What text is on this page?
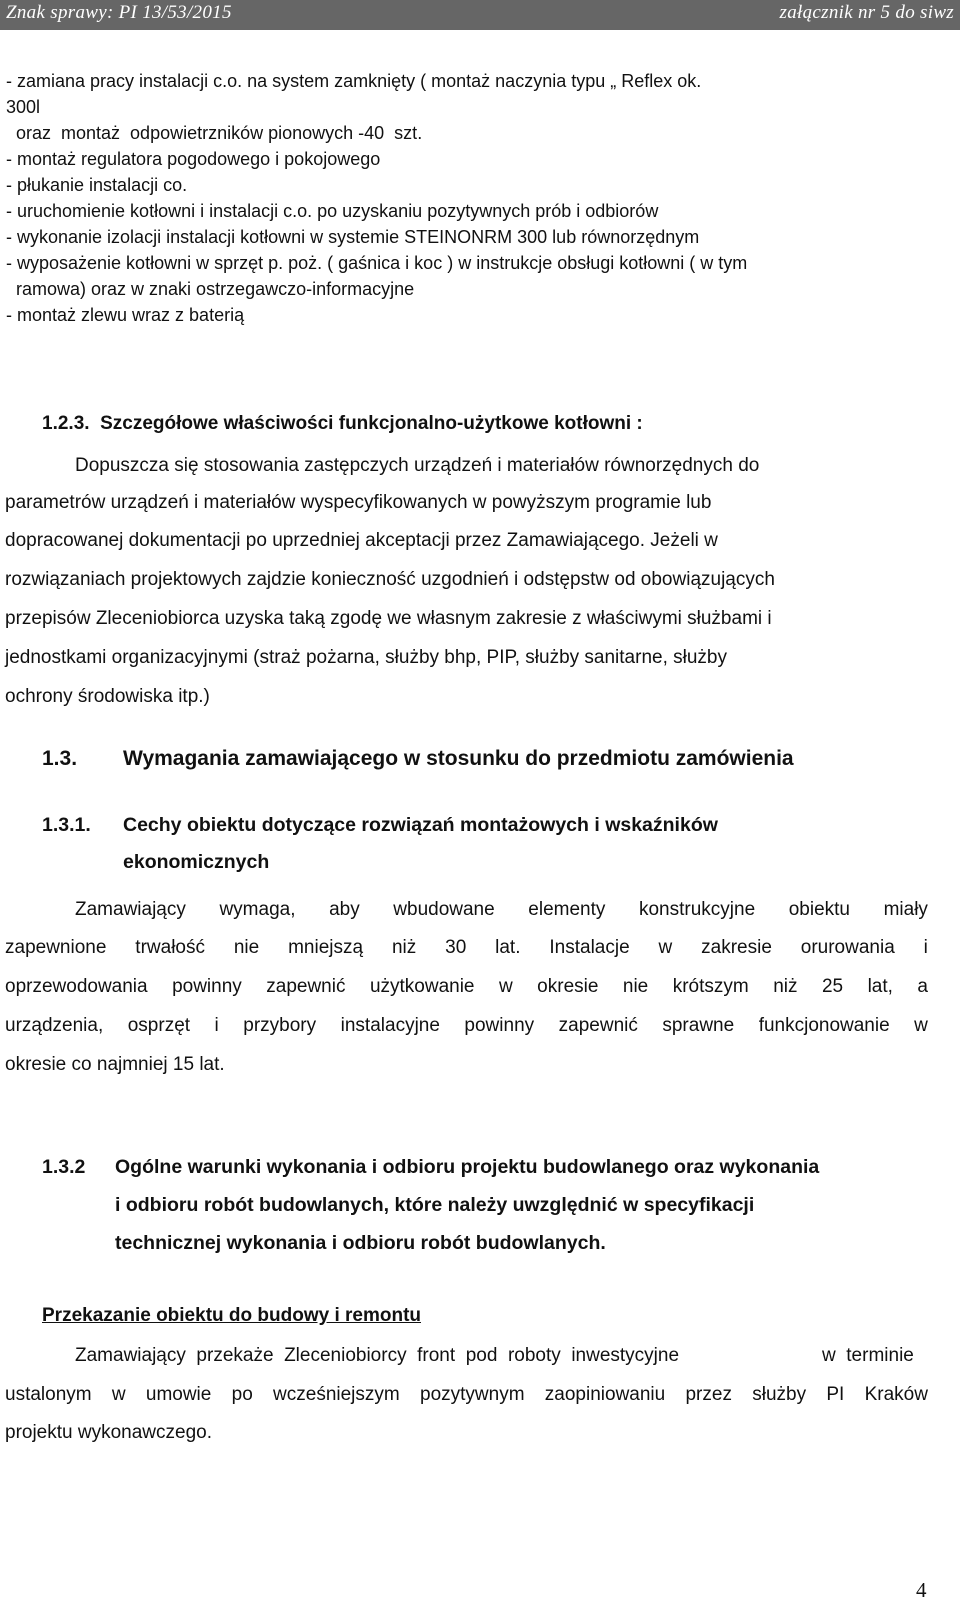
Znak sprawy: PI 13/53/2015	załącznik nr 5 do siwz
- zamiana pracy instalacji c.o. na system zamknięty ( montaż naczynia typu „ Reflex ok.
300l
oraz  montaż  odpowietrzników pionowych -40  szt.
- montaż regulatora pogodowego i pokojowego
- płukanie instalacji co.
- uruchomienie kotłowni i instalacji c.o. po uzyskaniu pozytywnych prób i odbiorów
- wykonanie izolacji instalacji kotłowni w systemie STEINONRM 300 lub równorzędnym
- wyposażenie kotłowni w sprzęt p. poż. ( gaśnica i koc ) w instrukcje obsługi kotłowni ( w tym
ramowa) oraz w znaki ostrzegawczo-informacyjne
- montaż zlewu wraz z baterią
1.2.3.  Szczegółowe właściwości funkcjonalno-użytkowe kotłowni :
Dopuszcza się stosowania zastępczych urządzeń i materiałów równorzędnych do
parametrów urządzeń i materiałów wyspecyfikowanych w powyższym programie lub
dopracowanej dokumentacji po uprzedniej akceptacji przez Zamawiającego. Jeżeli w
rozwiązaniach projektowych zajdzie konieczność uzgodnień i odstępstw od obowiązujących
przepisów Zleceniobiorca uzyska taką zgodę we własnym zakresie z właściwymi służbami i
jednostkami organizacyjnymi (straż pożarna, służby bhp, PIP, służby sanitarne, służby
ochrony środowiska itp.)
1.3. Wymagania zamawiającego w stosunku do przedmiotu zamówienia
1.3.1. Cechy obiektu dotyczące rozwiązań montażowych i wskaźników
ekonomicznych
Zamawiający wymaga, aby wbudowane elementy konstrukcyjne obiektu miały
zapewnione trwałość nie mniejszą niż 30 lat. Instalacje w zakresie orurowania i
oprzewodowania powinny zapewnić użytkowanie w okresie nie krótszym niż 25 lat, a
urządzenia, osprzęt i przybory instalacyjne powinny zapewnić sprawne funkcjonowanie w
okresie co najmniej 15 lat.
1.3.2 Ogólne warunki wykonania i odbioru projektu budowlanego oraz wykonania
i odbioru robót budowlanych, które należy uwzględnić w specyfikacji
technicznej wykonania i odbioru robót budowlanych.
Przekazanie obiektu do budowy i remontu
Zamawiający  przekaże  Zleceniobiorcy  front  pod  roboty  inwestycyjne	w  terminie
ustalonym w umowie po wcześniejszym pozytywnym zaopiniowaniu przez służby PI Kraków
projektu wykonawczego.
4
